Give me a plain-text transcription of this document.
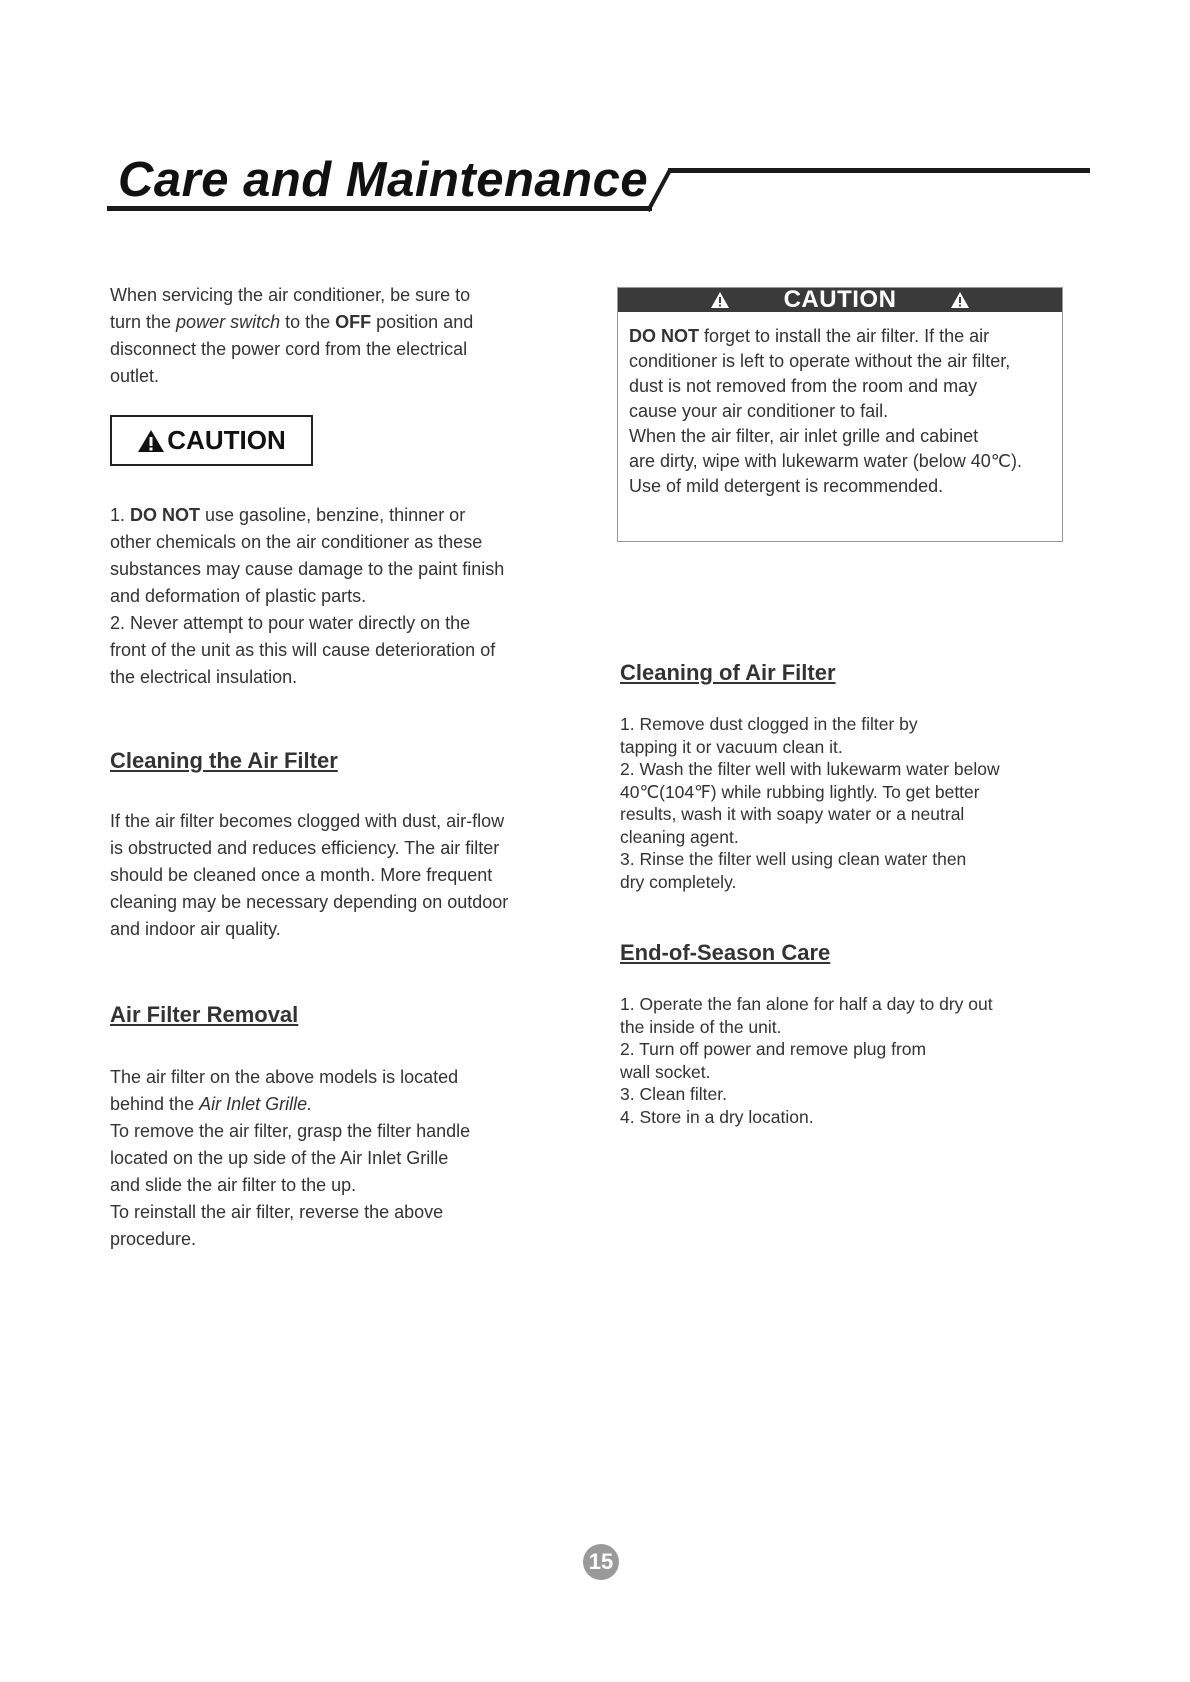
Care and Maintenance

When servicing the air conditioner, be sure to

turn the power switch to the OFF position and

disconnect the power cord from the electrical

outlet.

CAUTION

1. DO NOT use gasoline, benzine, thinner or

other chemicals on the air conditioner as these

substances may cause damage to the paint finish

and deformation of plastic parts.

2. Never attempt to pour water directly on the

front of the unit as this will cause deterioration of

the electrical insulation.

Cleaning the Air Filter

If the air filter becomes clogged with dust, air-flow

is obstructed and reduces efficiency. The air filter

should be cleaned once a month. More frequent

cleaning may be necessary depending on outdoor

and indoor air quality.

Air Filter Removal

The air filter on the above models is located

behind the Air Inlet Grille.

To remove the air filter, grasp the filter handle

located on the up side of the Air Inlet Grille

and slide the air filter to the up.

To reinstall the air filter, reverse the above

procedure.

CAUTION

DO NOT forget to install the air filter. If the air

conditioner is left to operate without the air filter,

dust is not removed from the room and may

cause your air conditioner to fail.

When the air filter, air inlet grille and cabinet

are dirty, wipe with lukewarm water (below 40℃).

Use of mild detergent is recommended.

Cleaning of Air Filter

1. Remove dust clogged in the filter by

tapping it or vacuum clean it.

2. Wash the filter well with lukewarm water below

40℃(104℉) while rubbing lightly. To get better

results, wash it with soapy water or a neutral

cleaning agent.

3. Rinse the filter well using clean water then

dry completely.

End-of-Season Care

1. Operate the fan alone for half a day to dry out

the inside of the unit.

2. Turn off power and remove plug from

wall socket.

3. Clean filter.

4. Store in a dry location.

15
